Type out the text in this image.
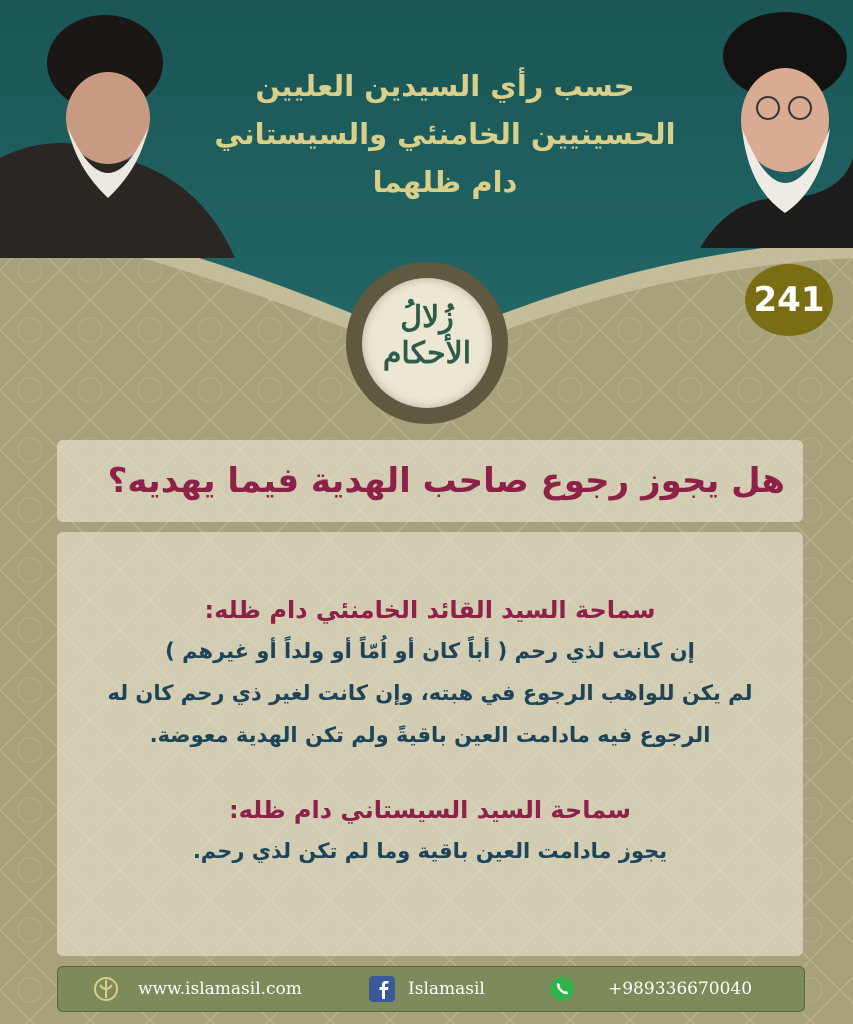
حسب رأي السيدين العليين
الحسينيين الخامنئي والسيستاني
دام ظلهما
241
زُلالُ
الأحكام
هل يجوز رجوع صاحب الهدية فيما يهديه؟
سماحة السيد القائد الخامنئي دام ظله:
إن كانت لذي رحم ( أباً كان أو اُمّاً أو ولداً أو غيرهم )
لم يكن للواهب الرجوع في هبته، وإن كانت لغير ذي رحم كان له
الرجوع فيه مادامت العين باقيةً ولم تكن الهدية معوضة.
سماحة السيد السيستاني دام ظله:
يجوز مادامت العين باقية وما لم تكن لذي رحم.
www.islamasil.com	Islamasil	+989336670040
